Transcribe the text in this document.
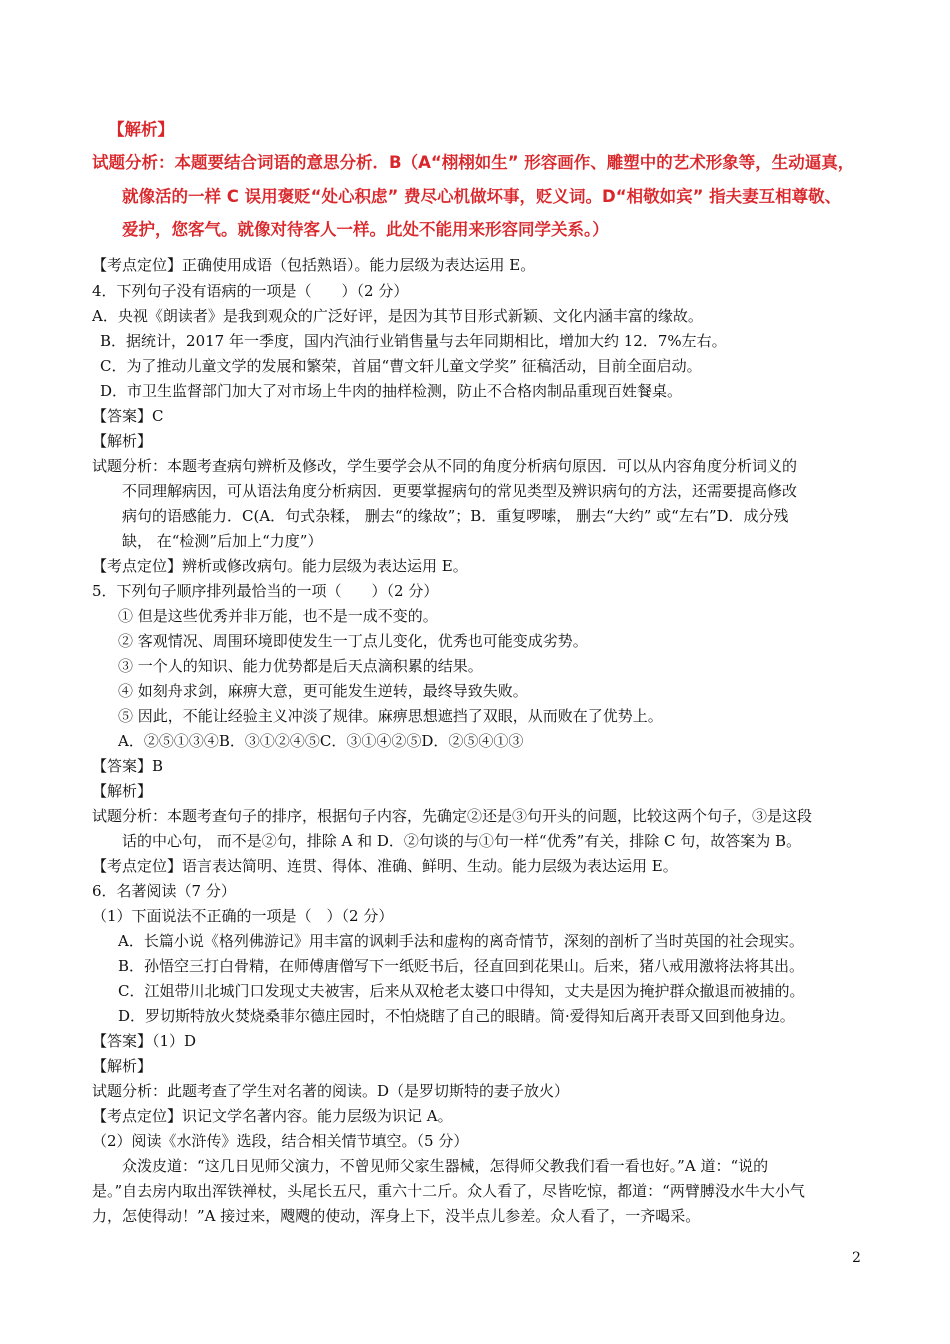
2
【解析】
试题分析：本题要结合词语的意思分析．B（A“栩栩如生” 形容画作、雕塑中的艺术形象等，生动逼真，
就像活的一样 C 误用褒贬“处心积虑” 费尽心机做坏事，贬义词。D“相敬如宾” 指夫妻互相尊敬、
爱护，您客气。就像对待客人一样。此处不能用来形容同学关系。）
【考点定位】正确使用成语（包括熟语）。能力层级为表达运用 E。
4．下列句子没有语病的一项是（　　）（2 分）
A．央视《朗读者》是我到观众的广泛好评，是因为其节目形式新颖、文化内涵丰富的缘故。
B．据统计，2017 年一季度，国内汽油行业销售量与去年同期相比，增加大约 12．7%左右。
C．为了推动儿童文学的发展和繁荣，首届“曹文轩儿童文学奖” 征稿活动，目前全面启动。
D．市卫生监督部门加大了对市场上牛肉的抽样检测，防止不合格肉制品重现百姓餐桌。
【答案】C
【解析】
试题分析：本题考查病句辨析及修改，学生要学会从不同的角度分析病句原因．可以从内容角度分析词义的
不同理解病因，可从语法角度分析病因．更要掌握病句的常见类型及辨识病句的方法，还需要提高修改
病句的语感能力．C(A．句式杂糅， 删去“的缘故”；B．重复啰嗦， 删去“大约” 或“左右”D．成分残
缺， 在“检测”后加上“力度”）
【考点定位】辨析或修改病句。能力层级为表达运用 E。
5．下列句子顺序排列最恰当的一项（　　）（2 分）
① 但是这些优秀并非万能，也不是一成不变的。
② 客观情况、周围环境即使发生一丁点儿变化，优秀也可能变成劣势。
③ 一个人的知识、能力优势都是后天点滴积累的结果。
④ 如刻舟求剑，麻痹大意，更可能发生逆转，最终导致失败。
⑤ 因此，不能让经验主义冲淡了规律。麻痹思想遮挡了双眼，从而败在了优势上。
A．②⑤①③④B．③①②④⑤C．③①④②⑤D．②⑤④①③
【答案】B
【解析】
试题分析：本题考查句子的排序，根据句子内容，先确定②还是③句开头的问题，比较这两个句子，③是这段
话的中心句， 而不是②句，排除 A 和 D．②句谈的与①句一样“优秀”有关，排除 C 句，故答案为 B。
【考点定位】语言表达简明、连贯、得体、准确、鲜明、生动。能力层级为表达运用 E。
6．名著阅读（7 分）
（1）下面说法不正确的一项是（　）（2 分）
A．长篇小说《格列佛游记》用丰富的讽刺手法和虚构的离奇情节，深刻的剖析了当时英国的社会现实。
B．孙悟空三打白骨精，在师傅唐僧写下一纸贬书后，径直回到花果山。后来，猪八戒用激将法将其出。
C．江姐带川北城门口发现丈夫被害，后来从双枪老太婆口中得知，丈夫是因为掩护群众撤退而被捕的。
D．罗切斯特放火焚烧桑菲尔德庄园时，不怕烧瞎了自己的眼睛。简·爱得知后离开表哥又回到他身边。
【答案】（1）D
【解析】
试题分析：此题考查了学生对名著的阅读。D（是罗切斯特的妻子放火）
【考点定位】识记文学名著内容。能力层级为识记 A。
（2）阅读《水浒传》选段，结合相关情节填空。（5 分）
众泼皮道：“这几日见师父演力，不曾见师父家生器械，怎得师父教我们看一看也好。”A 道：“说的
是。”自去房内取出浑铁禅杖，头尾长五尺，重六十二斤。众人看了，尽皆吃惊，都道：“两臂膊没水牛大小气
力，怎使得动！”A 接过来，飕飕的使动，浑身上下，没半点儿参差。众人看了，一齐喝采。
